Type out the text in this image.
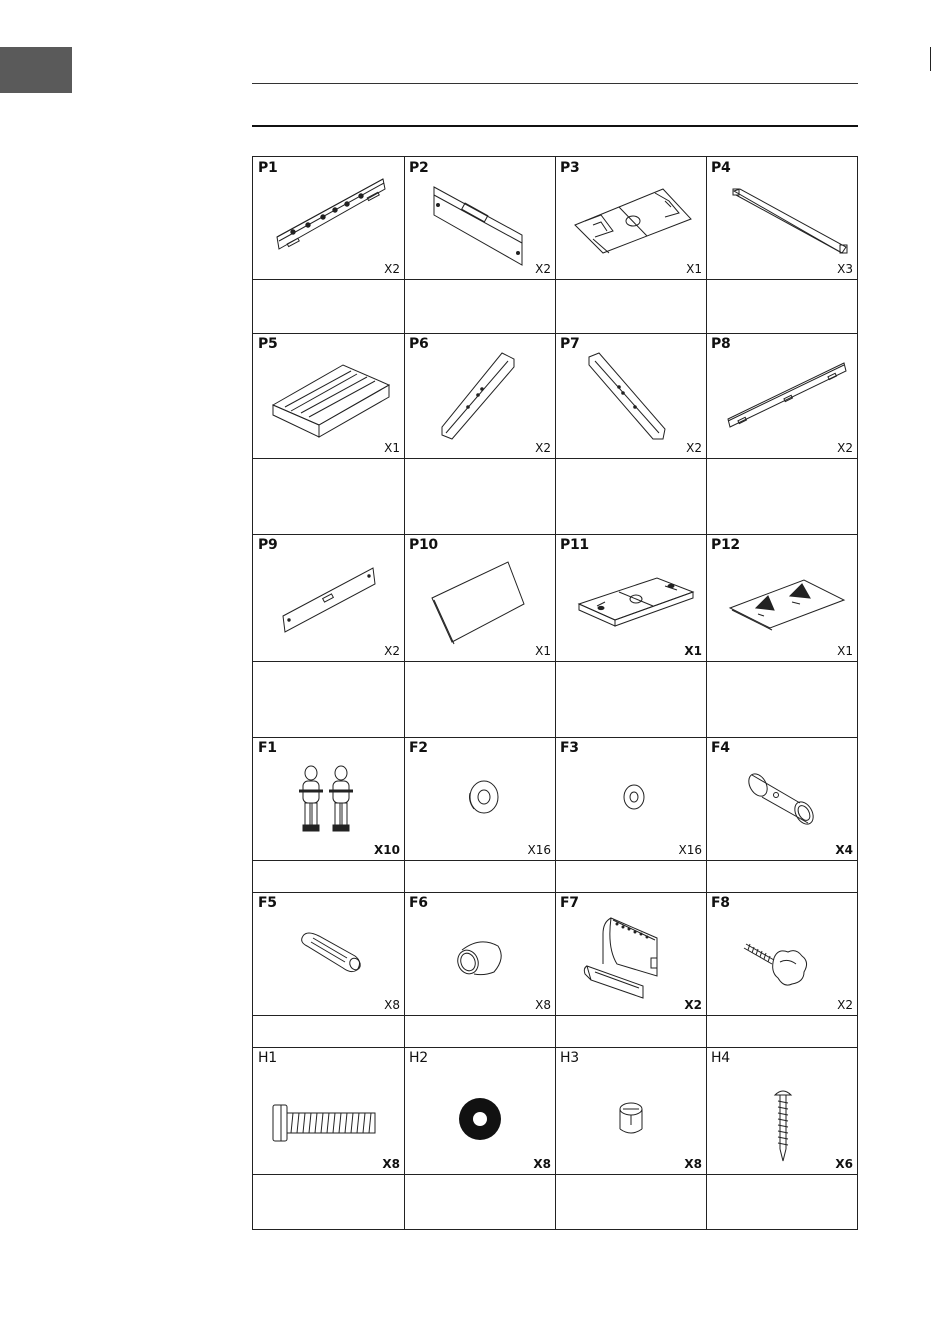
P1
X2
P2
X2
P3
X1
P4
X3
P5
X1
P6
X2
P7
X2
P8
X2
P9
X2
P10
X1
P11
X1
P12
X1
F1
X10
F2
X16
F3
X16
F4
X4
F5
X8
F6
X8
F7
X2
F8
X2
H1
X8
H2
X8
H3
X8
H4
X6
